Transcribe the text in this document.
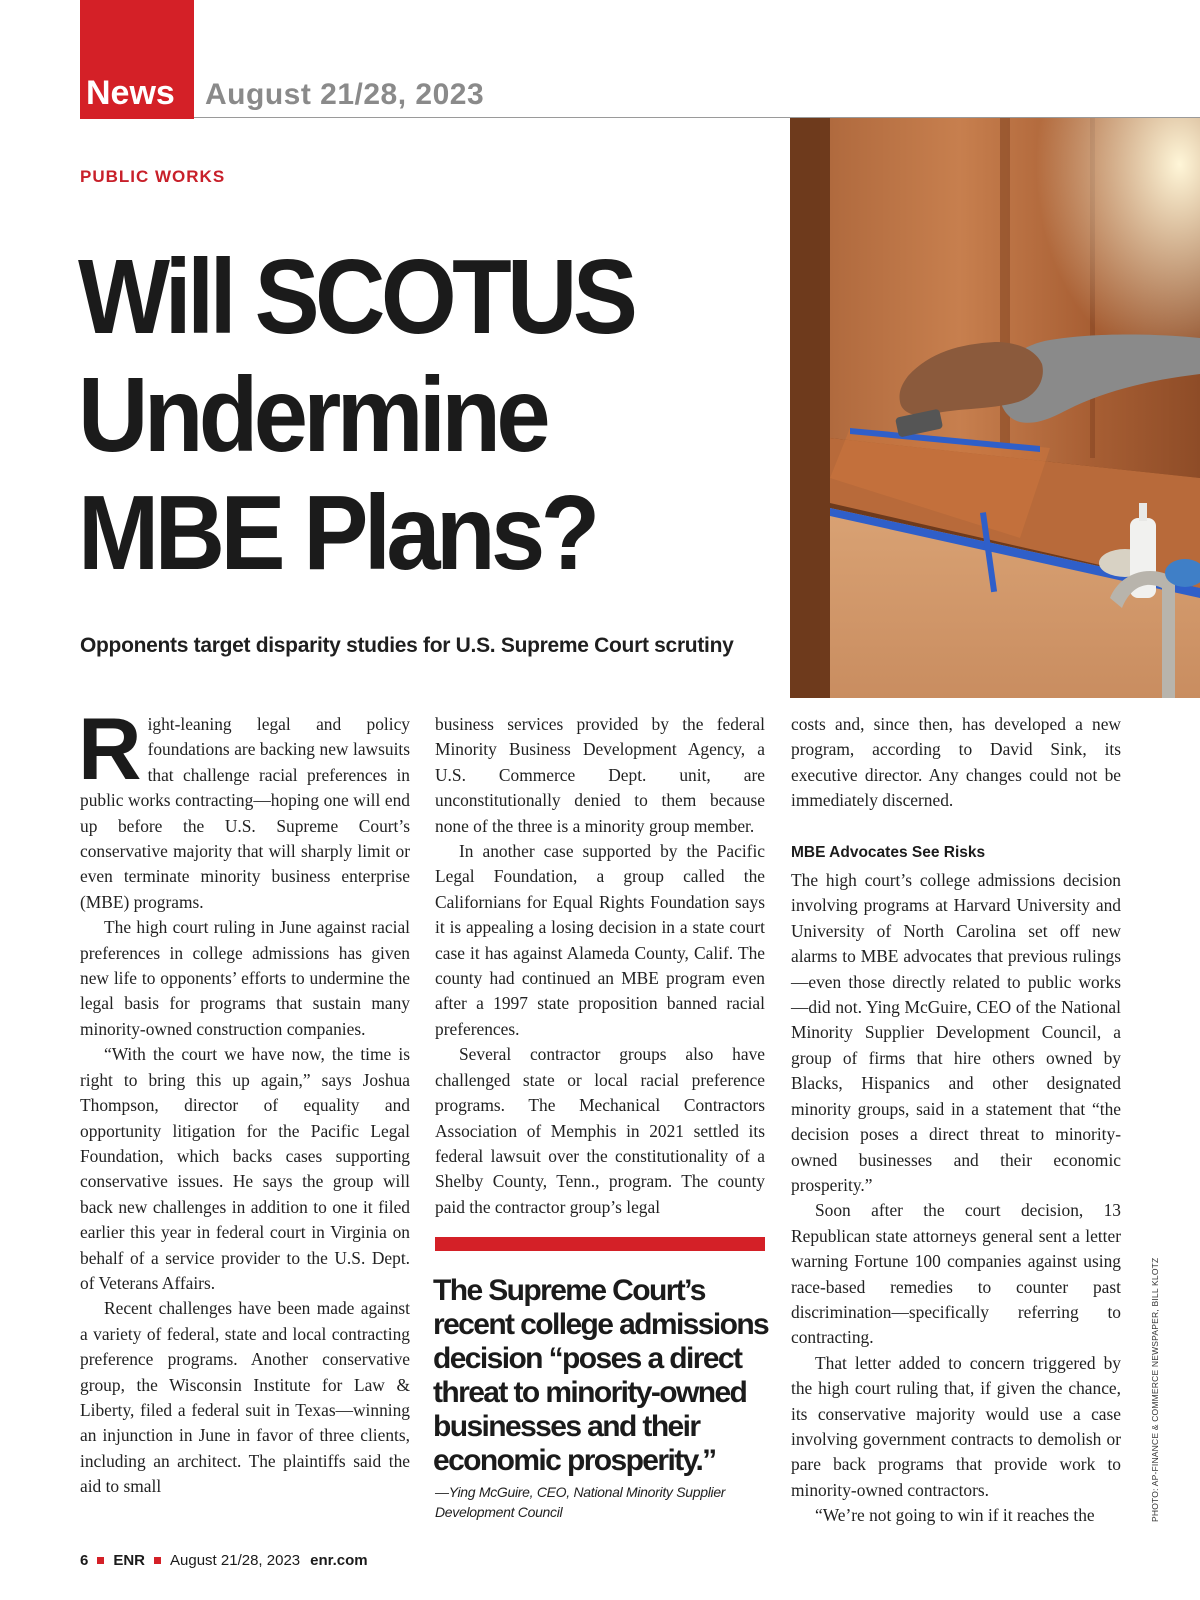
News August 21/28, 2023
PUBLIC WORKS
Will SCOTUS
Undermine
MBE Plans?
Opponents target disparity studies for U.S. Supreme Court scrutiny

Right-leaning legal and policy foundations are backing new lawsuits that challenge racial preferences in public works contracting—hoping one will end up before the U.S. Supreme Court’s conservative majority that will sharply limit or even terminate minority business enterprise (MBE) programs.

The high court ruling in June against racial preferences in college admissions has given new life to opponents’ efforts to undermine the legal basis for programs that sustain many minority-owned construction companies.

“With the court we have now, the time is right to bring this up again,” says Joshua Thompson, director of equality and opportunity litigation for the Pacific Legal Foundation, which backs cases supporting conservative issues. He says the group will back new challenges in addition to one it filed earlier this year in federal court in Virginia on behalf of a service provider to the U.S. Dept. of Veterans Affairs.

Recent challenges have been made against a variety of federal, state and local contracting preference programs. Another conservative group, the Wisconsin Institute for Law & Liberty, filed a federal suit in Texas—winning an injunction in June in favor of three clients, including an architect. The plaintiffs said the aid to small

business services provided by the federal Minority Business Development Agency, a U.S. Commerce Dept. unit, are unconstitutionally denied to them because none of the three is a minority group member.

In another case supported by the Pacific Legal Foundation, a group called the Californians for Equal Rights Foundation says it is appealing a losing decision in a state court case it has against Alameda County, Calif. The county had continued an MBE program even after a 1997 state proposition banned racial preferences.

Several contractor groups also have challenged state or local racial preference programs. The Mechanical Contractors Association of Memphis in 2021 settled its federal lawsuit over the constitutionality of a Shelby County, Tenn., program. The county paid the contractor group’s legal

The Supreme Court’s recent college admissions decision “poses a direct threat to minority-owned businesses and their economic prosperity.”
—Ying McGuire, CEO, National Minority Supplier Development Council

costs and, since then, has developed a new program, according to David Sink, its executive director. Any changes could not be immediately discerned.

MBE Advocates See Risks

The high court’s college admissions decision involving programs at Harvard University and University of North Carolina set off new alarms to MBE advocates that previous rulings—even those directly related to public works—did not. Ying McGuire, CEO of the National Minority Supplier Development Council, a group of firms that hire others owned by Blacks, Hispanics and other designated minority groups, said in a statement that “the decision poses a direct threat to minority-owned businesses and their economic prosperity.”

Soon after the court decision, 13 Republican state attorneys general sent a letter warning Fortune 100 companies against using race-based remedies to counter past discrimination—specifically referring to contracting.

That letter added to concern triggered by the high court ruling that, if given the chance, its conservative majority would use a case involving government contracts to demolish or pare back programs that provide work to minority-owned contractors.

“We’re not going to win if it reaches the	PHOTO: AP-FINANCE & COMMERCE NEWSPAPER, BILL KLOTZ
6 ENR August 21/28, 2023 enr.com
